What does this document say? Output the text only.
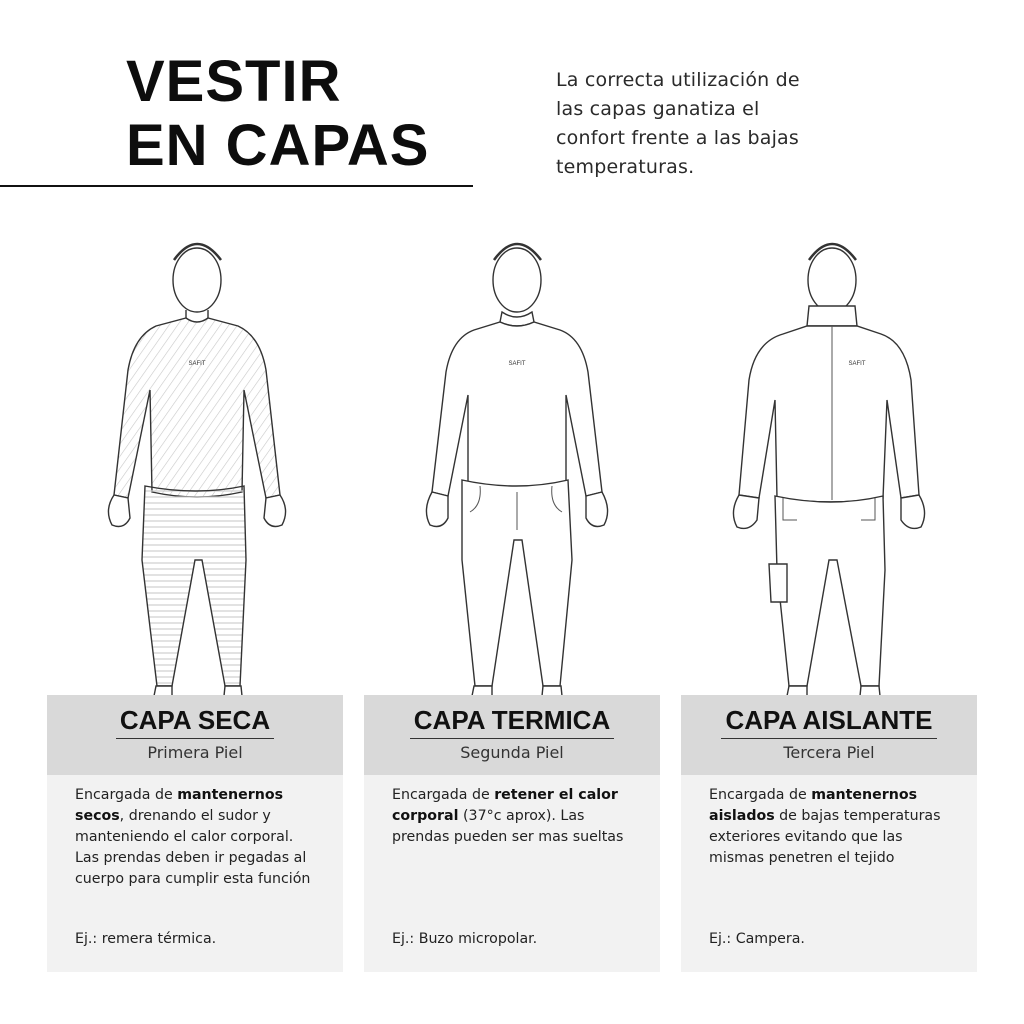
VESTIR
EN CAPAS

La correcta utilización de las capas ganatiza el confort frente a las bajas temperaturas.

SAFIT	SAFIT	SAFIT
CAPA SECA
Primera Piel
Encargada de mantenernos secos, drenando el sudor y manteniendo el calor corporal. Las prendas deben ir pegadas al cuerpo para cumplir esta función
Ej.: remera térmica.
CAPA TERMICA
Segunda Piel
Encargada de retener el calor corporal (37°c aprox). Las prendas pueden ser mas sueltas
Ej.: Buzo micropolar.
CAPA AISLANTE
Tercera Piel
Encargada de mantenernos aislados de bajas temperaturas exteriores evitando que las mismas penetren el tejido
Ej.: Campera.
